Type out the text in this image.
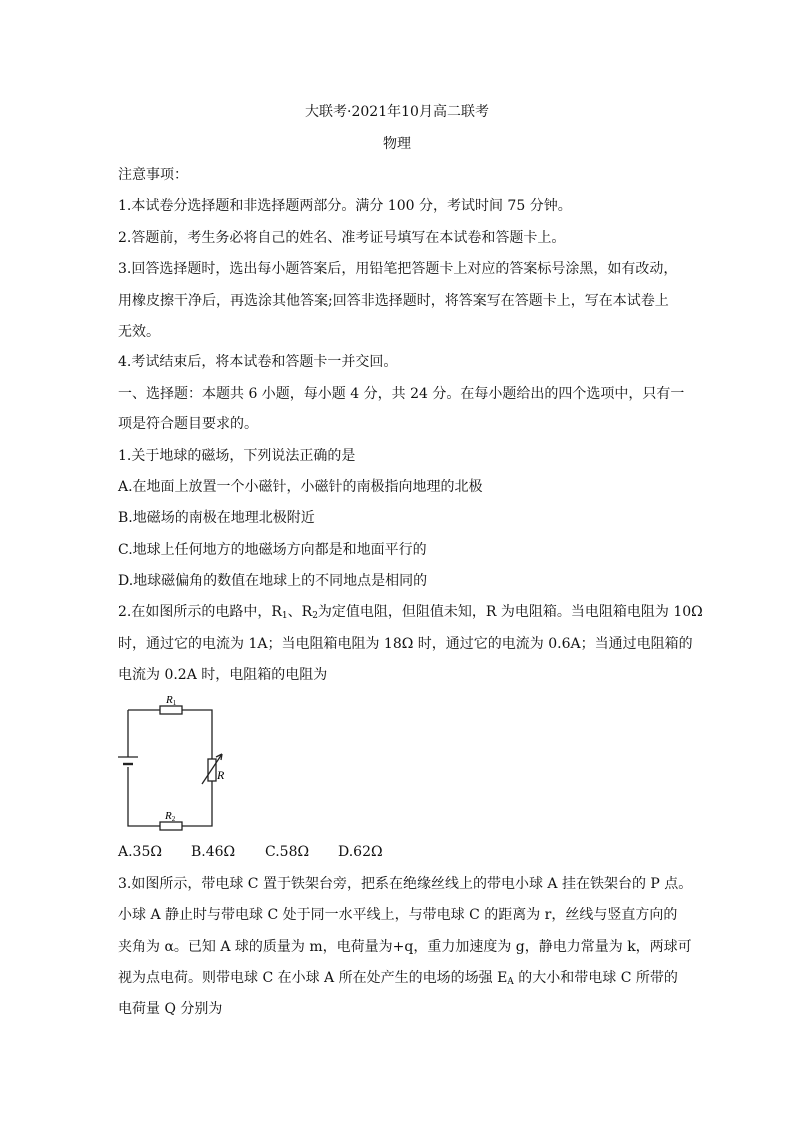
大联考·2021年10月高二联考
物理
注意事项：
1.本试卷分选择题和非选择题两部分。满分 100 分，考试时间 75 分钟。
2.答题前，考生务必将自己的姓名、准考证号填写在本试卷和答题卡上。
3.回答选择题时，选出每小题答案后，用铅笔把答题卡上对应的答案标号涂黑，如有改动，
用橡皮擦干净后，再选涂其他答案;回答非选择题时，将答案写在答题卡上，写在本试卷上
无效。
4.考试结束后，将本试卷和答题卡一并交回。
一、选择题：本题共 6 小题，每小题 4 分，共 24 分。在每小题给出的四个选项中，只有一
项是符合题目要求的。
1.关于地球的磁场，下列说法正确的是
A.在地面上放置一个小磁针，小磁针的南极指向地理的北极
B.地磁场的南极在地理北极附近
C.地球上任何地方的地磁场方向都是和地面平行的
D.地球磁偏角的数值在地球上的不同地点是相同的
2.在如图所示的电路中，$R_1$、$R_2$为定值电阻，但阻值未知，R 为电阻箱。当电阻箱电阻为 10Ω
时，通过它的电流为 1A；当电阻箱电阻为 18Ω 时，通过它的电流为 0.6A；当通过电阻箱的
电流为 0.2A 时，电阻箱的电阻为
R1
R
R2
A.35Ω B.46Ω C.58Ω D.62Ω
3.如图所示，带电球 C 置于铁架台旁，把系在绝缘丝线上的带电小球 A 挂在铁架台的 P 点。
小球 A 静止时与带电球 C 处于同一水平线上，与带电球 C 的距离为 r，丝线与竖直方向的
夹角为 α。已知 A 球的质量为 m，电荷量为+q，重力加速度为 g，静电力常量为 k，两球可
视为点电荷。则带电球 C 在小球 A 所在处产生的电场的场强 $E_A$ 的大小和带电球 C 所带的
电荷量 Q 分别为
